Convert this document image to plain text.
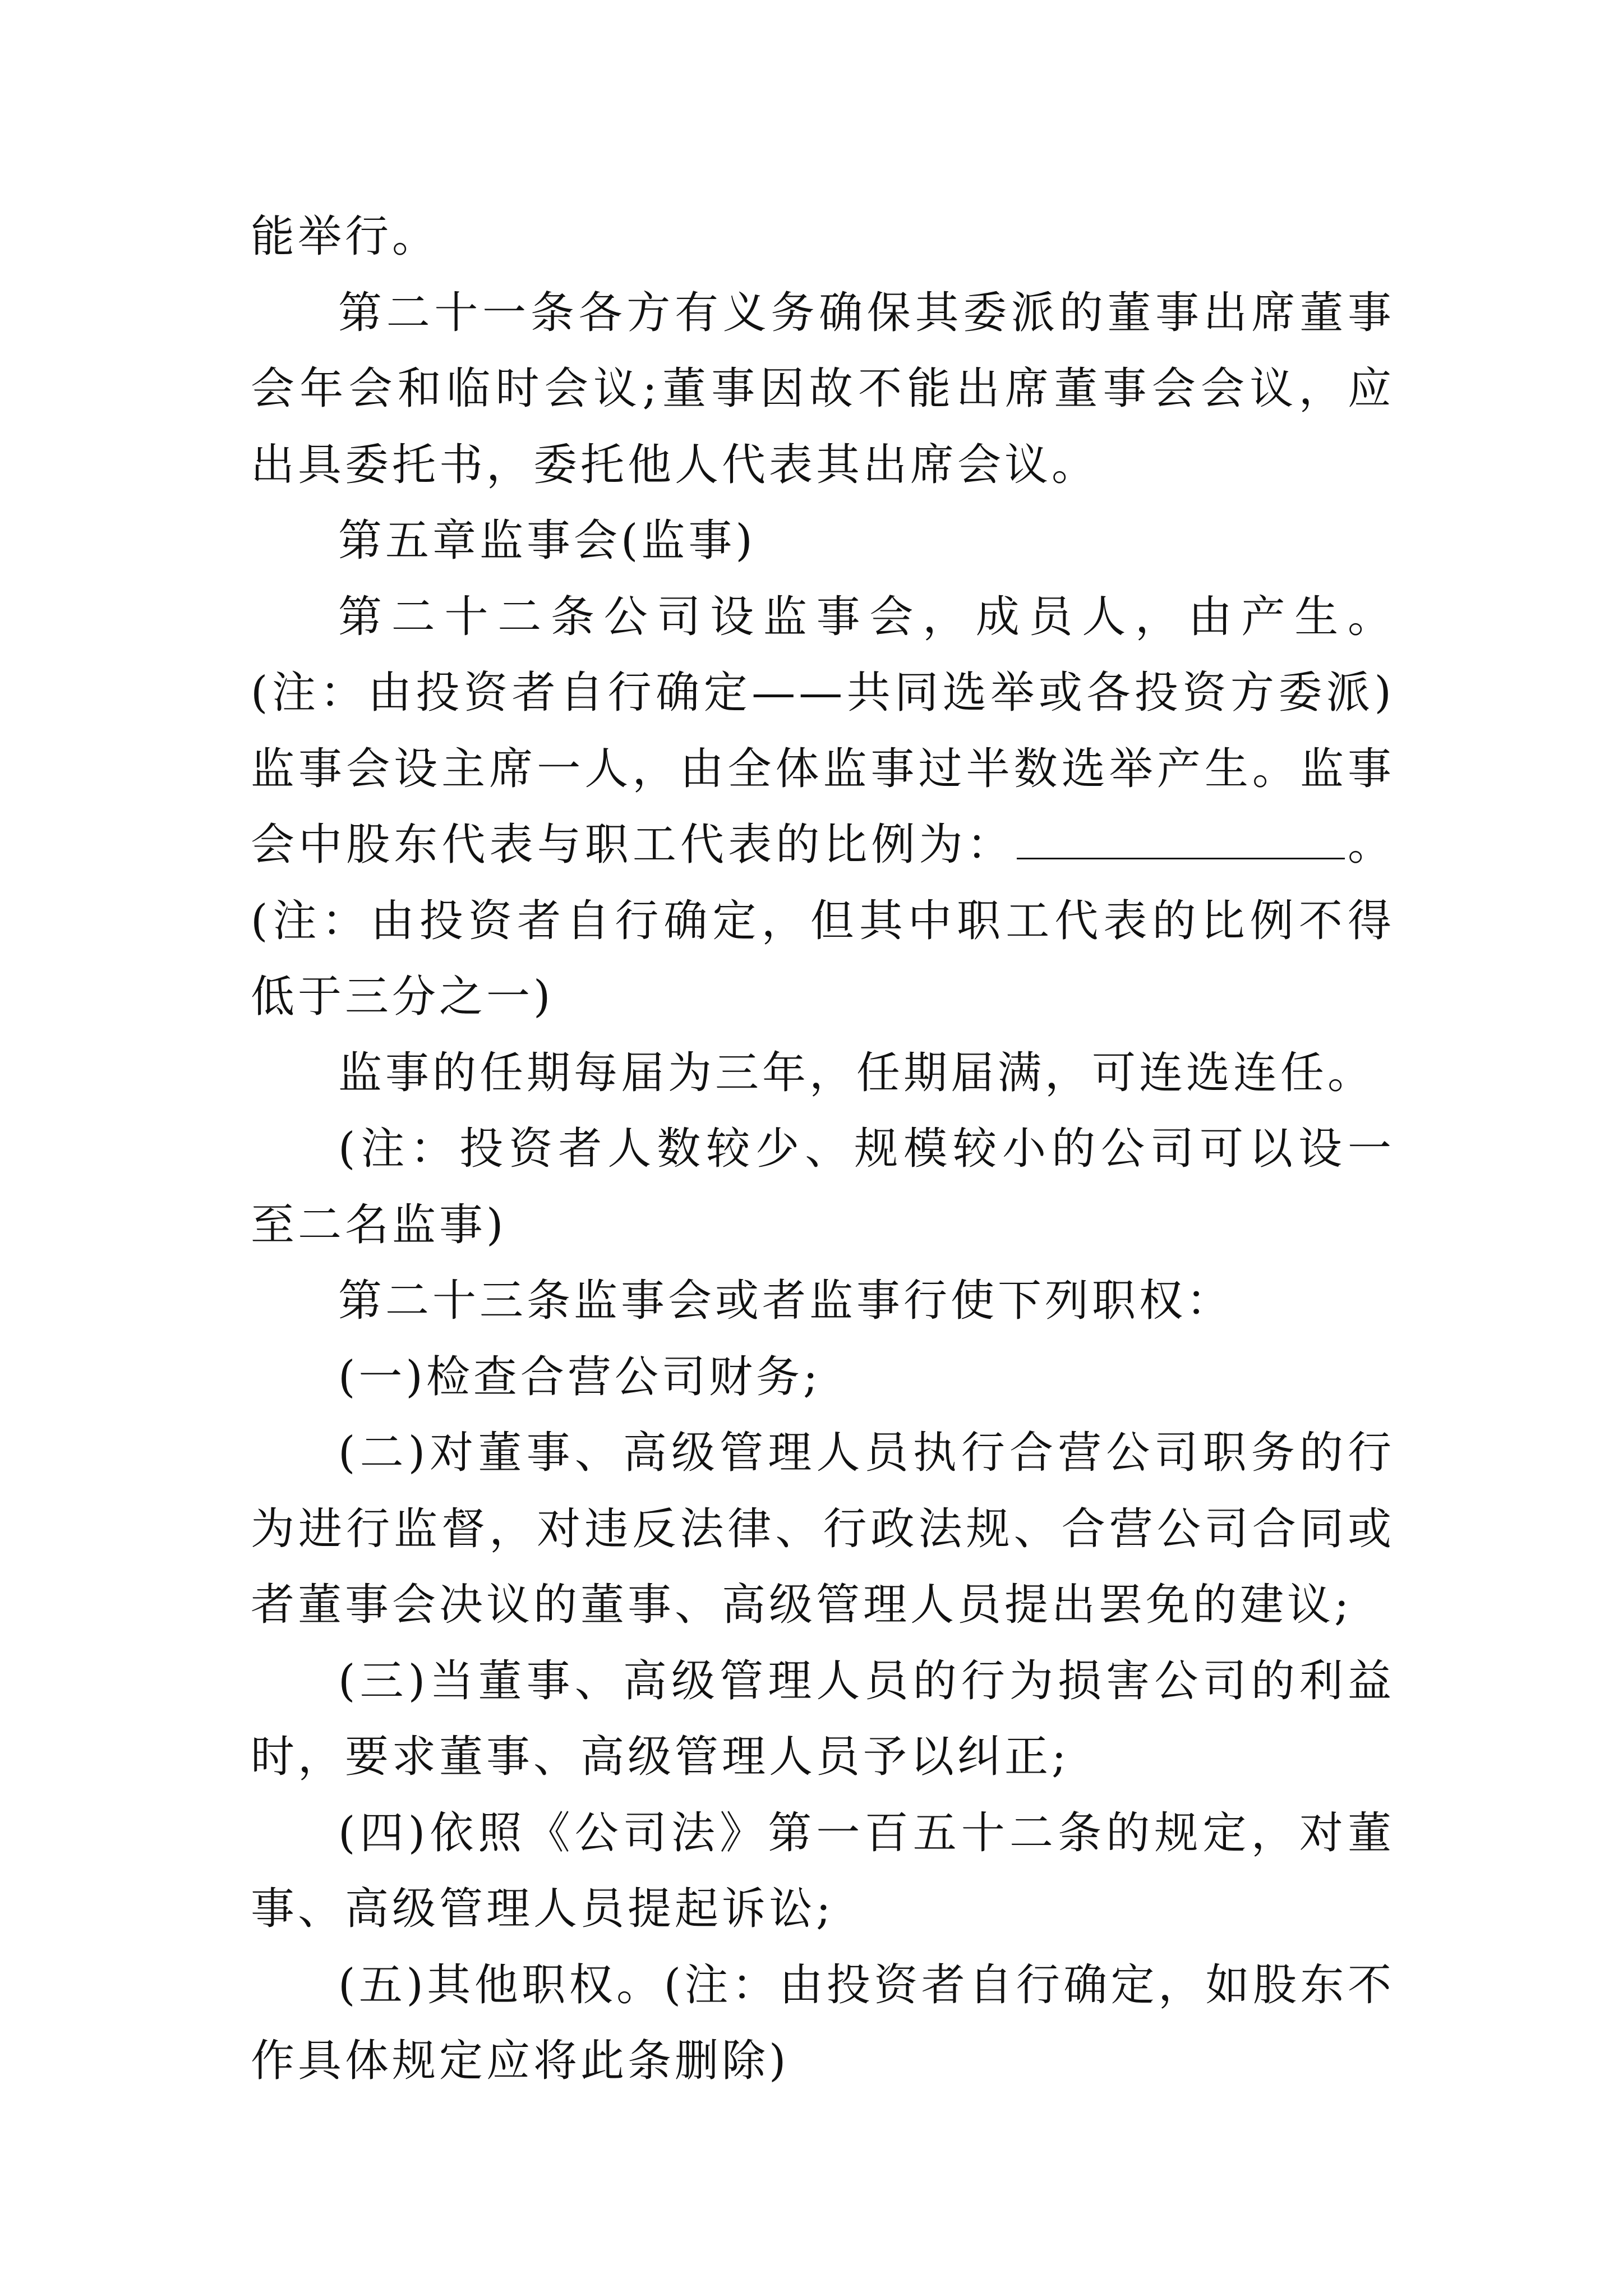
能举行。

第二十一条各方有义务确保其委派的董事出席董事会年会和临时会议;董事因故不能出席董事会会议，应出具委托书，委托他人代表其出席会议。

第五章监事会(监事)

第二十二条公司设监事会，成员人，由产生。(注：由投资者自行确定——共同选举或各投资方委派)监事会设主席一人，由全体监事过半数选举产生。监事会中股东代表与职工代表的比例为：	。(注：由投资者自行确定，但其中职工代表的比例不得低于三分之一)

监事的任期每届为三年，任期届满，可连选连任。

(注：投资者人数较少、规模较小的公司可以设一至二名监事)

第二十三条监事会或者监事行使下列职权：

(一)检查合营公司财务;

(二)对董事、高级管理人员执行合营公司职务的行为进行监督，对违反法律、行政法规、合营公司合同或者董事会决议的董事、高级管理人员提出罢免的建议;

(三)当董事、高级管理人员的行为损害公司的利益时，要求董事、高级管理人员予以纠正;

(四)依照《公司法》第一百五十二条的规定，对董事、高级管理人员提起诉讼;

(五)其他职权。(注：由投资者自行确定，如股东不作具体规定应将此条删除)
